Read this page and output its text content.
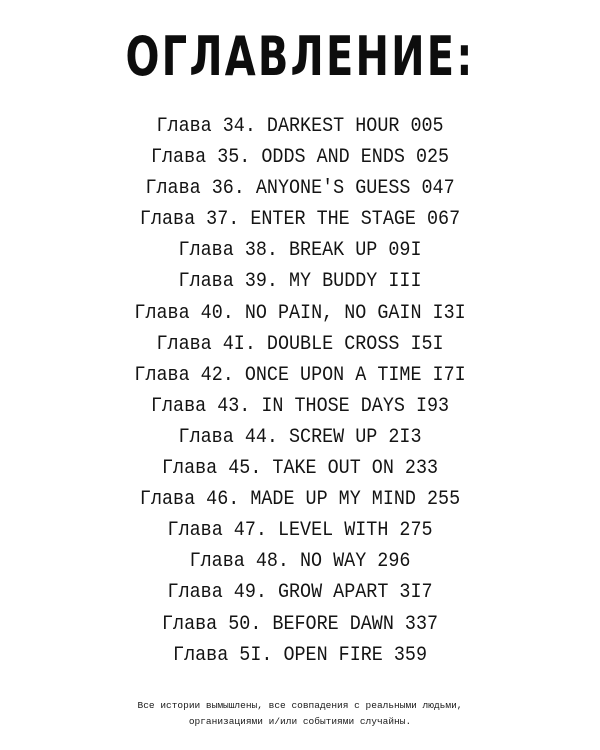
ОГЛАВЛЕНИЕ:
Глава 34. DARKEST HOUR 005
Глава 35. ODDS AND ENDS 025
Глава 36. ANYONE'S GUESS 047
Глава 37. ENTER THE STAGE 067
Глава 38. BREAK UP 09I
Глава 39. MY BUDDY III
Глава 40. NO PAIN, NO GAIN I3I
Глава 4I. DOUBLE CROSS I5I
Глава 42. ONCE UPON A TIME I7I
Глава 43. IN THOSE DAYS I93
Глава 44. SCREW UP 2I3
Глава 45. TAKE OUT ON 233
Глава 46. MADE UP MY MIND 255
Глава 47. LEVEL WITH 275
Глава 48. NO WAY 296
Глава 49. GROW APART 3I7
Глава 50. BEFORE DAWN 337
Глава 5I. OPEN FIRE 359
Все истории вымышлены, все совпадения с реальными людьми,
организациями и/или событиями случайны.
